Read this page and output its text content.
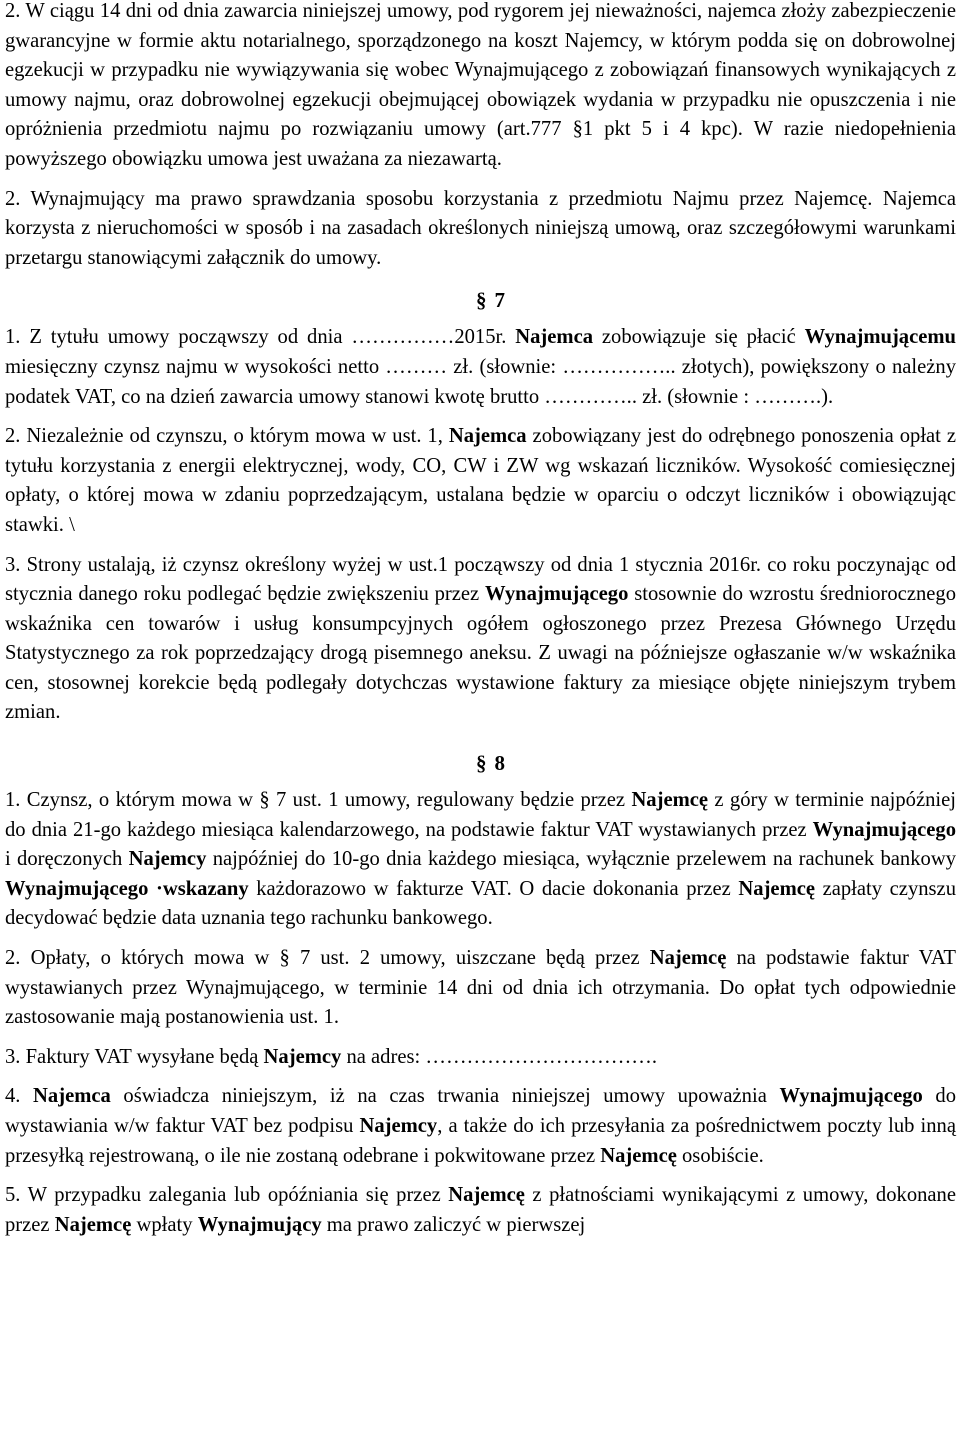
2. W ciągu 14 dni od dnia zawarcia niniejszej umowy, pod rygorem jej nieważności, najemca złoży zabezpieczenie gwarancyjne w formie aktu notarialnego, sporządzonego na koszt Najemcy, w którym podda się on dobrowolnej egzekucji w przypadku nie wywiązywania się wobec Wynajmującego z zobowiązań finansowych wynikających z umowy najmu, oraz dobrowolnej egzekucji obejmującej obowiązek wydania w przypadku nie opuszczenia i nie opróżnienia przedmiotu najmu po rozwiązaniu umowy (art.777 §1 pkt 5 i 4 kpc). W razie niedopełnienia powyższego obowiązku umowa jest uważana za niezawartą.

2. Wynajmujący ma prawo sprawdzania sposobu korzystania z przedmiotu Najmu przez Najemcę. Najemca korzysta z nieruchomości w sposób i na zasadach określonych niniejszą umową, oraz szczegółowymi warunkami przetargu stanowiącymi załącznik do umowy.

§ 7

1. Z tytułu umowy począwszy od dnia ……………2015r. Najemca zobowiązuje się płacić Wynajmującemu miesięczny czynsz najmu w wysokości netto ……… zł. (słownie: …………….. złotych), powiększony o należny podatek VAT, co na dzień zawarcia umowy stanowi kwotę brutto ………….. zł. (słownie : ……….).

2. Niezależnie od czynszu, o którym mowa w ust. 1, Najemca zobowiązany jest do odrębnego ponoszenia opłat z tytułu korzystania z energii elektrycznej, wody, CO, CW i ZW wg wskazań liczników. Wysokość comiesięcznej opłaty, o której mowa w zdaniu poprzedzającym, ustalana będzie w oparciu o odczyt liczników i obowiązując stawki. \

3. Strony ustalają, iż czynsz określony wyżej w ust.1 począwszy od dnia 1 stycznia 2016r. co roku poczynając od stycznia danego roku podlegać będzie zwiększeniu przez Wynajmującego stosownie do wzrostu średniorocznego wskaźnika cen towarów i usług konsumpcyjnych ogółem ogłoszonego przez Prezesa Głównego Urzędu Statystycznego za rok poprzedzający drogą pisemnego aneksu. Z uwagi na późniejsze ogłaszanie w/w wskaźnika cen, stosownej korekcie będą podlegały dotychczas wystawione faktury za miesiące objęte niniejszym trybem zmian.

§ 8

1. Czynsz, o którym mowa w § 7 ust. 1 umowy, regulowany będzie przez Najemcę z góry w terminie najpóźniej do dnia 21-go każdego miesiąca kalendarzowego, na podstawie faktur VAT wystawianych przez Wynajmującego i doręczonych Najemcy najpóźniej do 10-go dnia każdego miesiąca, wyłącznie przelewem na rachunek bankowy Wynajmującego ·wskazany każdorazowo w fakturze VAT. O dacie dokonania przez Najemcę zapłaty czynszu decydować będzie data uznania tego rachunku bankowego.

2. Opłaty, o których mowa w § 7 ust. 2 umowy, uiszczane będą przez Najemcę na podstawie faktur VAT wystawianych przez Wynajmującego, w terminie 14 dni od dnia ich otrzymania. Do opłat tych odpowiednie zastosowanie mają postanowienia ust. 1.

3. Faktury VAT wysyłane będą Najemcy na adres: …………………………….

4. Najemca oświadcza niniejszym, iż na czas trwania niniejszej umowy upoważnia Wynajmującego do wystawiania w/w faktur VAT bez podpisu Najemcy, a także do ich przesyłania za pośrednictwem poczty lub inną przesyłką rejestrowaną, o ile nie zostaną odebrane i pokwitowane przez Najemcę osobiście.

5. W przypadku zalegania lub opóźniania się przez Najemcę z płatnościami wynikającymi z umowy, dokonane przez Najemcę wpłaty Wynajmujący ma prawo zaliczyć w pierwszej
